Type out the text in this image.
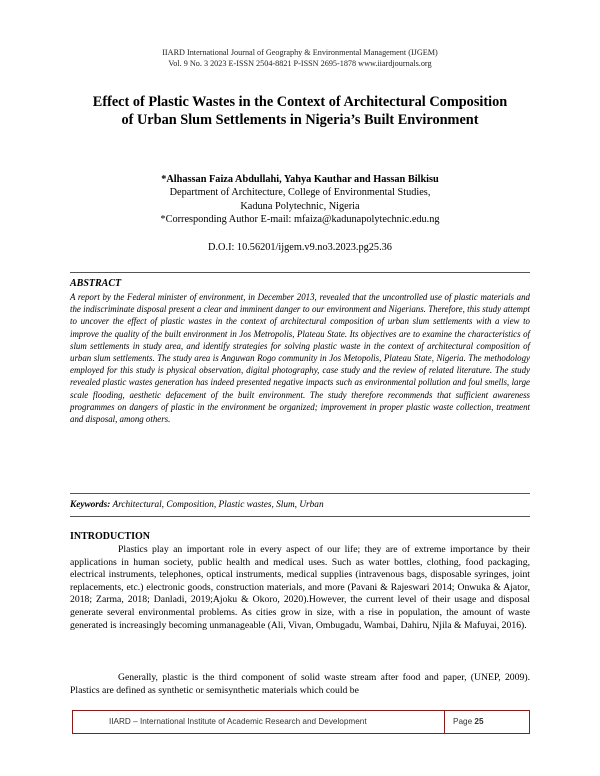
IIARD International Journal of Geography & Environmental Management (IJGEM)
Vol. 9 No. 3 2023 E-ISSN 2504-8821 P-ISSN 2695-1878 www.iiardjournals.org
Effect of Plastic Wastes in the Context of Architectural Composition of Urban Slum Settlements in Nigeria’s Built Environment
*Alhassan Faiza Abdullahi, Yahya Kauthar and Hassan Bilkisu
Department of Architecture, College of Environmental Studies,
Kaduna Polytechnic, Nigeria
*Corresponding Author E-mail: mfaiza@kadunapolytechnic.edu.ng
D.O.I: 10.56201/ijgem.v9.no3.2023.pg25.36
ABSTRACT
A report by the Federal minister of environment, in December 2013, revealed that the uncontrolled use of plastic materials and the indiscriminate disposal present a clear and imminent danger to our environment and Nigerians. Therefore, this study attempt to uncover the effect of plastic wastes in the context of architectural composition of urban slum settlements with a view to improve the quality of the built environment in Jos Metropolis, Plateau State. Its objectives are to examine the characteristics of slum settlements in study area, and identify strategies for solving plastic waste in the context of architectural composition of urban slum settlements. The study area is Anguwan Rogo community in Jos Metopolis, Plateau State, Nigeria. The methodology employed for this study is physical observation, digital photography, case study and the review of related literature. The study revealed plastic wastes generation has indeed presented negative impacts such as environmental pollution and foul smells, large scale flooding, aesthetic defacement of the built environment. The study therefore recommends that sufficient awareness programmes on dangers of plastic in the environment be organized; improvement in proper plastic waste collection, treatment and disposal, among others.
Keywords: Architectural, Composition, Plastic wastes, Slum, Urban
INTRODUCTION
Plastics play an important role in every aspect of our life; they are of extreme importance by their applications in human society, public health and medical uses. Such as water bottles, clothing, food packaging, electrical instruments, telephones, optical instruments, medical supplies (intravenous bags, disposable syringes, joint replacements, etc.) electronic goods, construction materials, and more (Pavani & Rajeswari 2014; Onwuka & Ajator, 2018; Zarma, 2018; Danladi, 2019;Ajoku & Okoro, 2020).However, the current level of their usage and disposal generate several environmental problems. As cities grow in size, with a rise in population, the amount of waste generated is increasingly becoming unmanageable (Ali, Vivan, Ombugadu, Wambai, Dahiru, Njila & Mafuyai, 2016).
Generally, plastic is the third component of solid waste stream after food and paper, (UNEP, 2009). Plastics are defined as synthetic or semisynthetic materials which could be
IIARD – International Institute of Academic Research and Development	Page 25
